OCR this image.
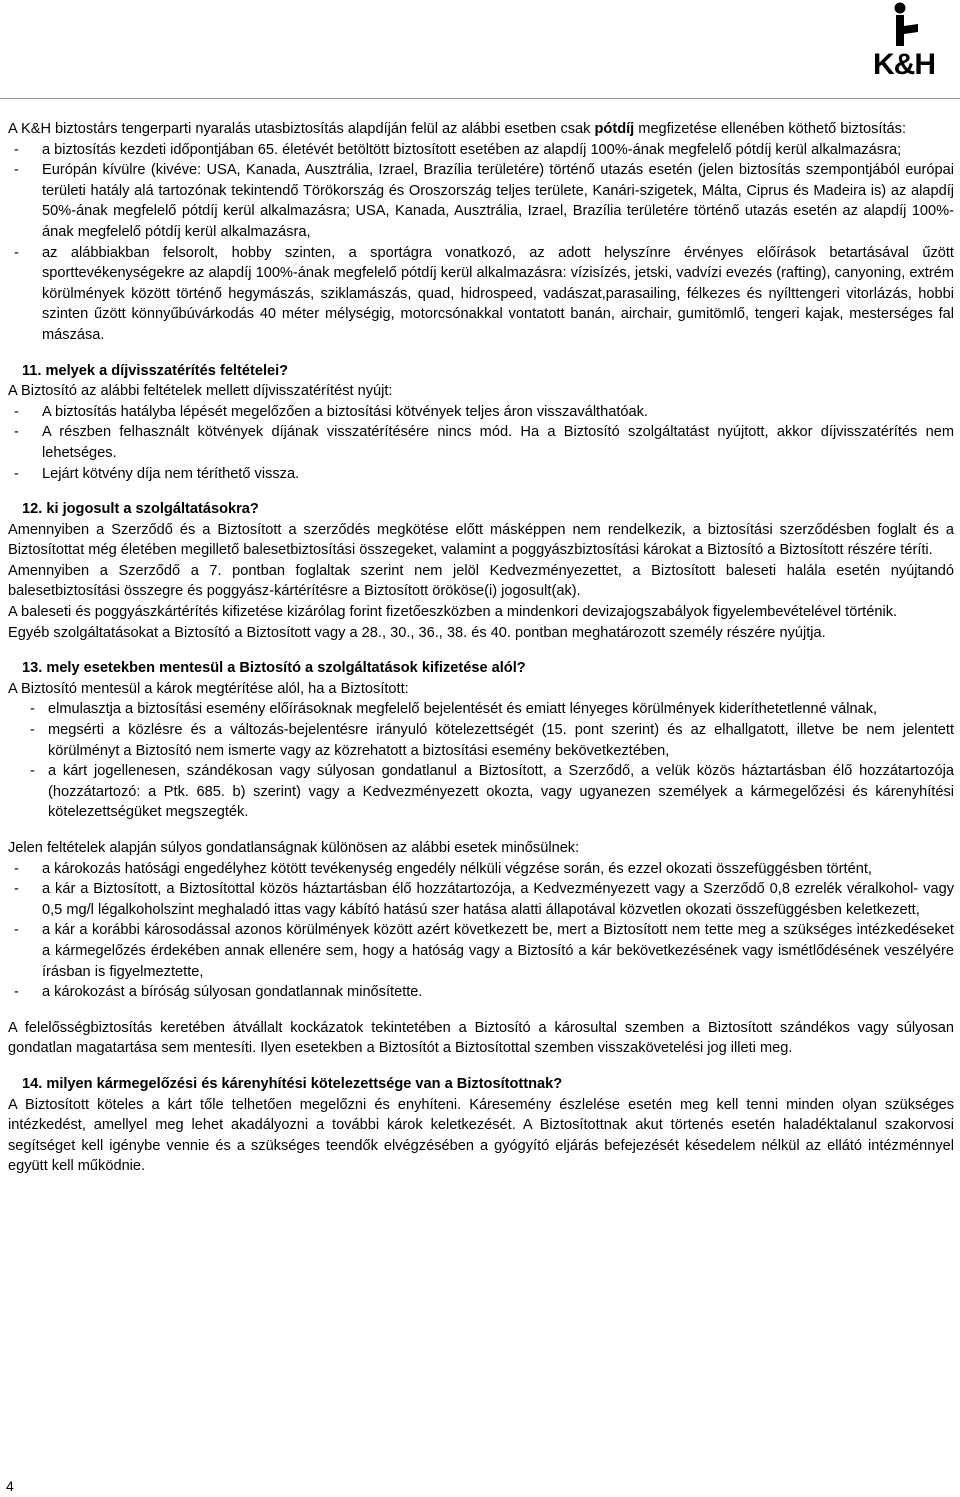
K&H

A K&H biztostárs tengerparti nyaralás utasbiztosítás alapdíján felül az alábbi esetben csak pótdíj megfizetése ellenében köthető biztosítás:

-	a biztosítás kezdeti időpontjában 65. életévét betöltött biztosított esetében az alapdíj 100%-ának megfelelő pótdíj kerül alkalmazásra;
-	Európán kívülre (kivéve: USA, Kanada, Ausztrália, Izrael, Brazília területére) történő utazás esetén (jelen biztosítás szempontjából európai területi hatály alá tartozónak tekintendő Törökország és Oroszország teljes területe, Kanári-szigetek, Málta, Ciprus és Madeira is) az alapdíj 50%-ának megfelelő pótdíj kerül alkalmazásra; USA, Kanada, Ausztrália, Izrael, Brazília területére történő utazás esetén az alapdíj 100%-ának megfelelő pótdíj kerül alkalmazásra,
-	az alábbiakban felsorolt, hobby szinten, a sportágra vonatkozó, az adott helyszínre érvényes előírások betartásával űzött sporttevékenységekre az alapdíj 100%-ának megfelelő pótdíj kerül alkalmazásra: vízisízés, jetski, vadvízi evezés (rafting), canyoning, extrém körülmények között történő hegymászás, sziklamászás, quad, hidrospeed, vadászat,parasailing, félkezes és nyílttengeri vitorlázás, hobbi szinten űzött könnyűbúvárkodás 40 méter mélységig, motorcsónakkal vontatott banán, airchair, gumitömlő, tengeri kajak, mesterséges fal mászása.
11. melyek a díjvisszatérítés feltételei?

A Biztosító az alábbi feltételek mellett díjvisszatérítést nyújt:

-	A biztosítás hatályba lépését megelőzően a biztosítási kötvények teljes áron visszaválthatóak.
-	A részben felhasznált kötvények díjának visszatérítésére nincs mód. Ha a Biztosító szolgáltatást nyújtott, akkor díjvisszatérítés nem lehetséges.
-	Lejárt kötvény díja nem téríthető vissza.
12. ki jogosult a szolgáltatásokra?

Amennyiben a Szerződő és a Biztosított a szerződés megkötése előtt másképpen nem rendelkezik, a biztosítási szerződésben foglalt és a Biztosítottat még életében megillető balesetbiztosítási összegeket, valamint a poggyászbiztosítási károkat a Biztosító a Biztosított részére téríti.

Amennyiben a Szerződő a 7. pontban foglaltak szerint nem jelöl Kedvezményezettet, a Biztosított baleseti halála esetén nyújtandó balesetbiztosítási összegre és poggyász-kártérítésre a Biztosított örököse(i) jogosult(ak).

A baleseti és poggyászkártérítés kifizetése kizárólag forint fizetőeszközben a mindenkori devizajogszabályok figyelembevételével történik.

Egyéb szolgáltatásokat a Biztosító a Biztosított vagy a 28., 30., 36., 38. és 40. pontban meghatározott személy részére nyújtja.

13. mely esetekben mentesül a Biztosító a szolgáltatások kifizetése alól?

A Biztosító mentesül a károk megtérítése alól, ha a Biztosított:

- elmulasztja a biztosítási esemény előírásoknak megfelelő bejelentését és emiatt lényeges körülmények kideríthetetlenné válnak,
- megsérti a közlésre és a változás-bejelentésre irányuló kötelezettségét (15. pont szerint) és az elhallgatott, illetve be nem jelentett körülményt a Biztosító nem ismerte vagy az közrehatott a biztosítási esemény bekövetkeztében,
- a kárt jogellenesen, szándékosan vagy súlyosan gondatlanul a Biztosított, a Szerződő, a velük közös háztartásban élő hozzátartozója (hozzátartozó: a Ptk. 685. b) szerint) vagy a Kedvezményezett okozta, vagy ugyanezen személyek a kármegelőzési és kárenyhítési kötelezettségüket megszegték.

Jelen feltételek alapján súlyos gondatlanságnak különösen az alábbi esetek minősülnek:

-	a károkozás hatósági engedélyhez kötött tevékenység engedély nélküli végzése során, és ezzel okozati összefüggésben történt,
-	a kár a Biztosított, a Biztosítottal közös háztartásban élő hozzátartozója, a Kedvezményezett vagy a Szerződő 0,8 ezrelék véralkohol- vagy 0,5 mg/l légalkoholszint meghaladó ittas vagy kábító hatású szer hatása alatti állapotával közvetlen okozati összefüggésben keletkezett,
-	a kár a korábbi károsodással azonos körülmények között azért következett be, mert a Biztosított nem tette meg a szükséges intézkedéseket a kármegelőzés érdekében annak ellenére sem, hogy a hatóság vagy a Biztosító a kár bekövetkezésének vagy ismétlődésének veszélyére írásban is figyelmeztette,
-	a károkozást a bíróság súlyosan gondatlannak minősítette.

A felelősségbiztosítás keretében átvállalt kockázatok tekintetében a Biztosító a károsultal szemben a Biztosított szándékos vagy súlyosan gondatlan magatartása sem mentesíti. Ilyen esetekben a Biztosítót a Biztosítottal szemben visszakövetelési jog illeti meg.

14. milyen kármegelőzési és kárenyhítési kötelezettsége van a Biztosítottnak?

A Biztosított köteles a kárt tőle telhetően megelőzni és enyhíteni. Káresemény észlelése esetén meg kell tenni minden olyan szükséges intézkedést, amellyel meg lehet akadályozni a további károk keletkezését. A Biztosítottnak akut törtenés esetén haladéktalanul szakorvosi segítséget kell igénybe vennie és a szükséges teendők elvégzésében a gyógyító eljárás befejezését késedelem nélkül az ellátó intézménnyel együtt kell működnie.

4
